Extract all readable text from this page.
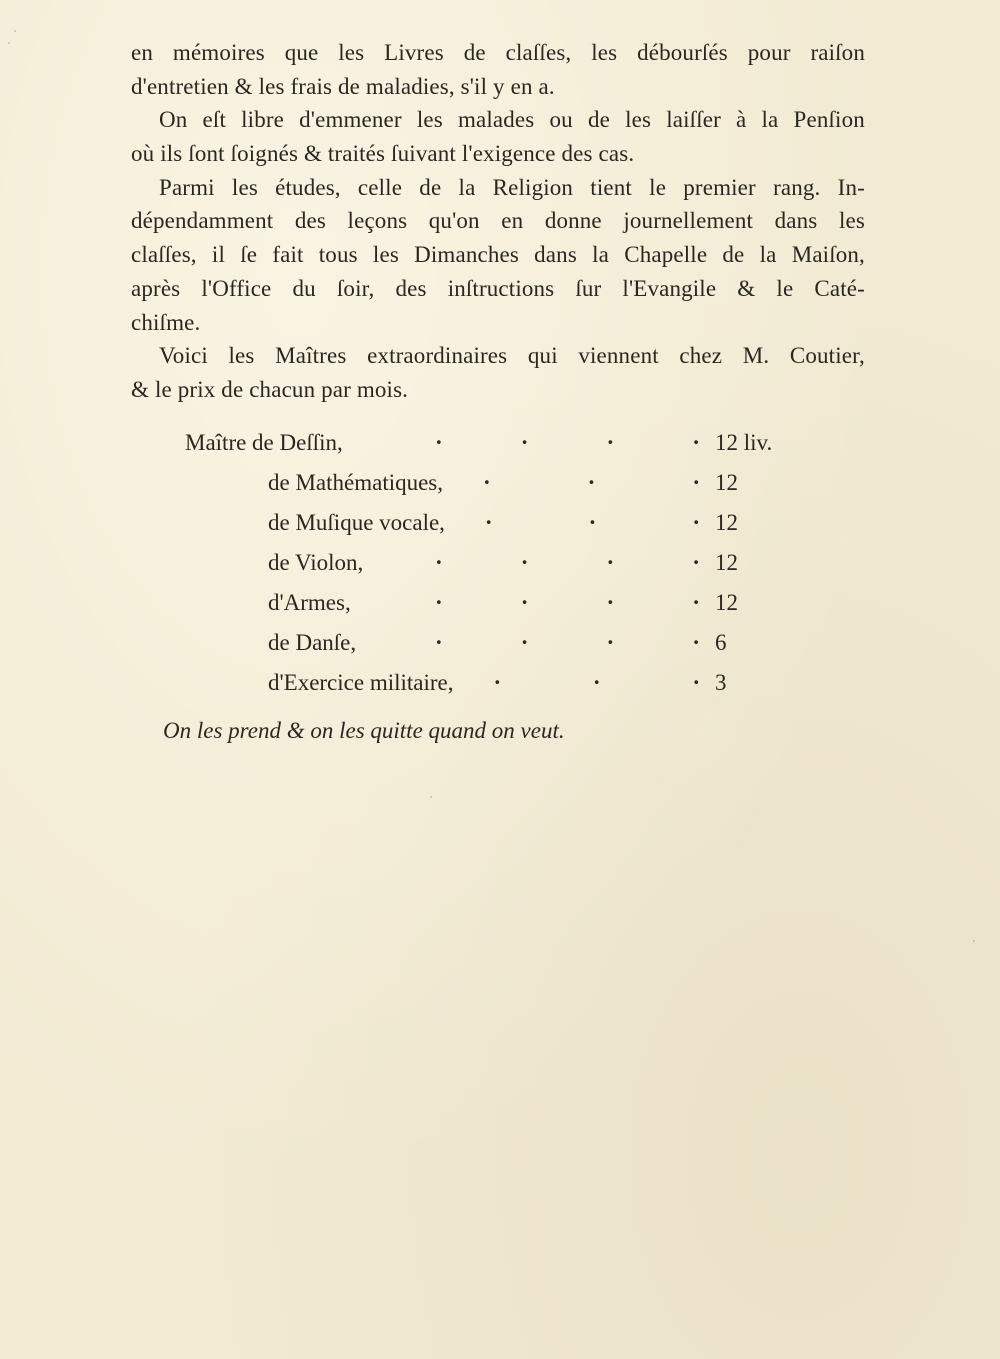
en mémoires que les Livres de claſſes, les débourſés pour raiſon
d'entretien & les frais de maladies, s'il y en a.
On eſt libre d'emmener les malades ou de les laiſſer à la Penſion
où ils ſont ſoignés & traités ſuivant l'exigence des cas.
Parmi les études, celle de la Religion tient le premier rang. In-
dépendamment des leçons qu'on en donne journellement dans les
claſſes, il ſe fait tous les Dimanches dans la Chapelle de la Maiſon,
après l'Office du ſoir, des inſtructions ſur l'Evangile & le Caté-
chiſme.
Voici les Maîtres extraordinaires qui viennent chez M. Coutier,
& le prix de chacun par mois.
Maître de Deſſin,	12 liv.
·	·	·	·
de Mathématiques,	12
·	·	·
de Muſique vocale,	12
·	·	·
de Violon,	12
·	·	·	·
d'Armes,	12
·	·	·	·
de Danſe,	6
·	·	·	·
d'Exercice militaire,	3
·	·	·
On les prend & on les quitte quand on veut.
